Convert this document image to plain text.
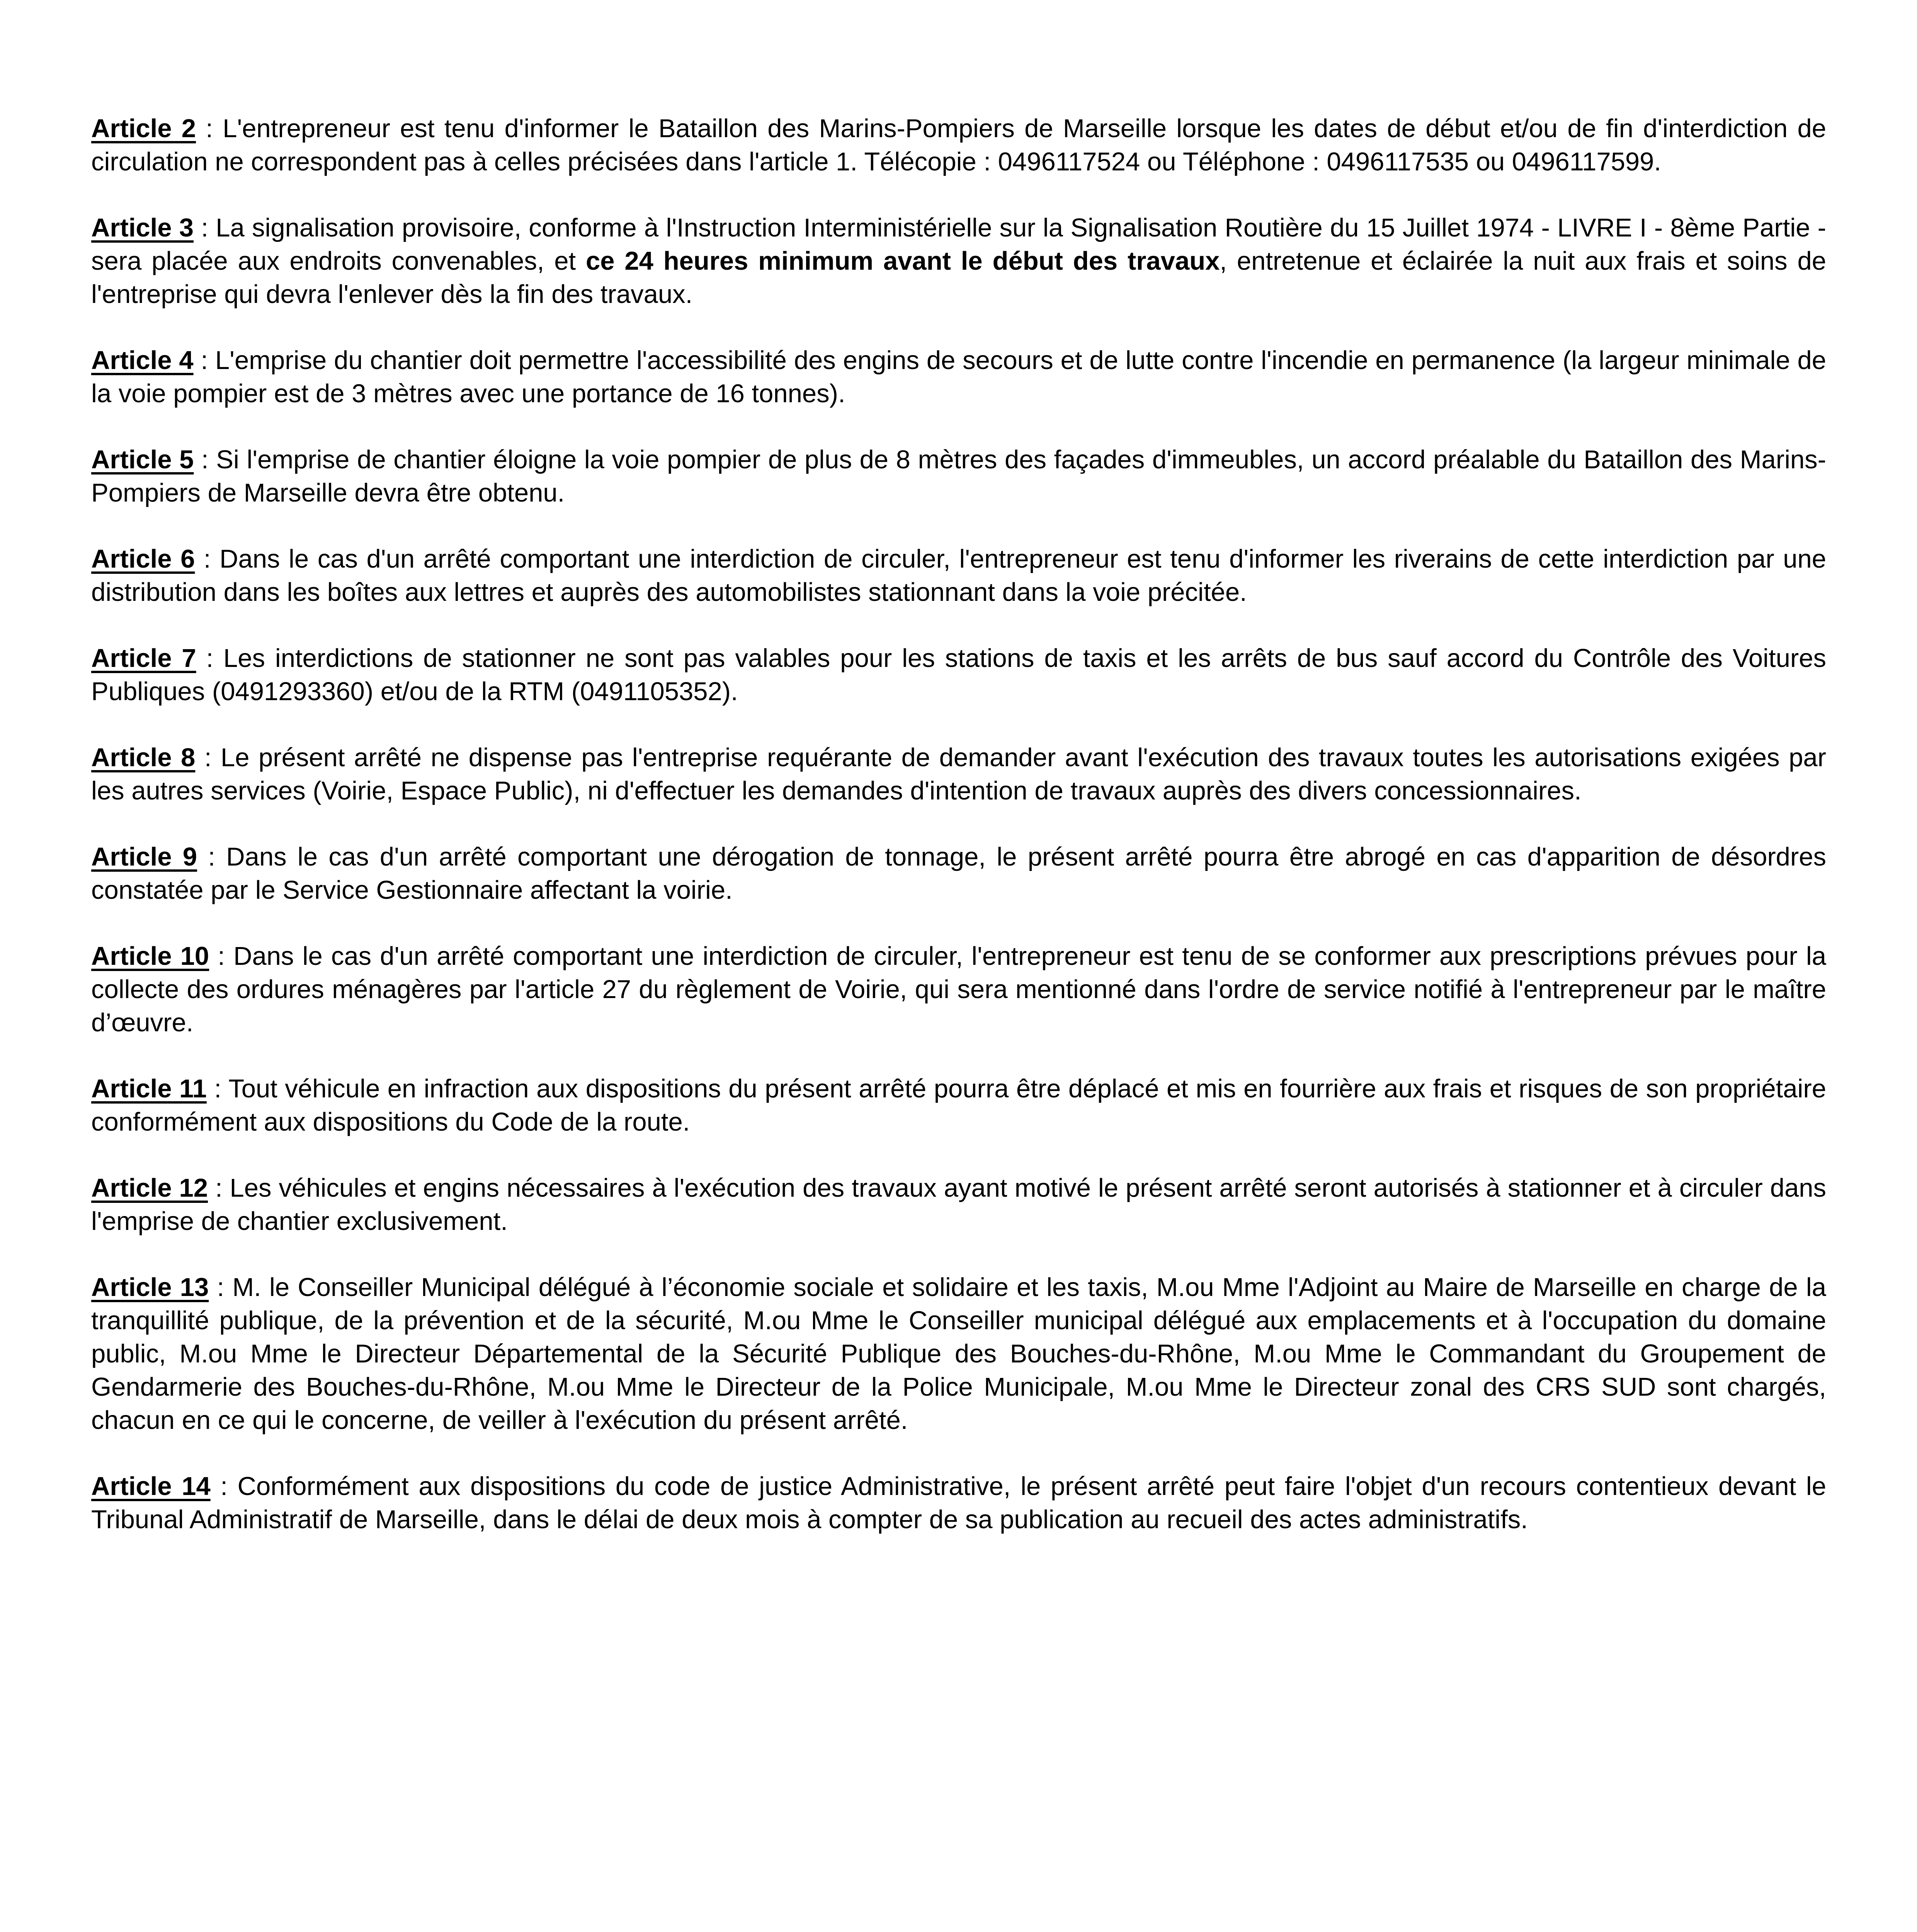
Article 2 : L'entrepreneur est tenu d'informer le Bataillon des Marins-Pompiers de Marseille lorsque les dates de début et/ou de fin d'interdiction de circulation ne correspondent pas à celles précisées dans l'article 1. Télécopie : 0496117524 ou Téléphone : 0496117535 ou 0496117599.

Article 3 : La signalisation provisoire, conforme à l'Instruction Interministérielle sur la Signalisation Routière du 15 Juillet 1974 - LIVRE I - 8ème Partie - sera placée aux endroits convenables, et ce 24 heures minimum avant le début des travaux, entretenue et éclairée la nuit aux frais et soins de l'entreprise qui devra l'enlever dès la fin des travaux.

Article 4 : L'emprise du chantier doit permettre l'accessibilité des engins de secours et de lutte contre l'incendie en permanence (la largeur minimale de la voie pompier est de 3 mètres avec une portance de 16 tonnes).

Article 5 : Si l'emprise de chantier éloigne la voie pompier de plus de 8 mètres des façades d'immeubles, un accord préalable du Bataillon des Marins-Pompiers de Marseille devra être obtenu.

Article 6 : Dans le cas d'un arrêté comportant une interdiction de circuler, l'entrepreneur est tenu d'informer les riverains de cette interdiction par une distribution dans les boîtes aux lettres et auprès des automobilistes stationnant dans la voie précitée.

Article 7 : Les interdictions de stationner ne sont pas valables pour les stations de taxis et les arrêts de bus sauf accord du Contrôle des Voitures Publiques (0491293360) et/ou de la RTM (0491105352).

Article 8 : Le présent arrêté ne dispense pas l'entreprise requérante de demander avant l'exécution des travaux toutes les autorisations exigées par les autres services (Voirie, Espace Public), ni d'effectuer les demandes d'intention de travaux auprès des divers concessionnaires.

Article 9 : Dans le cas d'un arrêté comportant une dérogation de tonnage, le présent arrêté pourra être abrogé en cas d'apparition de désordres constatée par le Service Gestionnaire affectant la voirie.

Article 10 : Dans le cas d'un arrêté comportant une interdiction de circuler, l'entrepreneur est tenu de se conformer aux prescriptions prévues pour la collecte des ordures ménagères par l'article 27 du règlement de Voirie, qui sera mentionné dans l'ordre de service notifié à l'entrepreneur par le maître d’œuvre.

Article 11 : Tout véhicule en infraction aux dispositions du présent arrêté pourra être déplacé et mis en fourrière aux frais et risques de son propriétaire conformément aux dispositions du Code de la route.

Article 12 : Les véhicules et engins nécessaires à l'exécution des travaux ayant motivé le présent arrêté seront autorisés à stationner et à circuler dans l'emprise de chantier exclusivement.

Article 13 : M. le Conseiller Municipal délégué à l’économie sociale et solidaire et les taxis, M.ou Mme l'Adjoint au Maire de Marseille en charge de la tranquillité publique, de la prévention et de la sécurité, M.ou Mme le Conseiller municipal délégué aux emplacements et à l'occupation du domaine public, M.ou Mme le Directeur Départemental de la Sécurité Publique des Bouches-du-Rhône, M.ou Mme le Commandant du Groupement de Gendarmerie des Bouches-du-Rhône, M.ou Mme le Directeur de la Police Municipale, M.ou Mme le Directeur zonal des CRS SUD sont chargés, chacun en ce qui le concerne, de veiller à l'exécution du présent arrêté.

Article 14 : Conformément aux dispositions du code de justice Administrative, le présent arrêté peut faire l'objet d'un recours contentieux devant le Tribunal Administratif de Marseille, dans le délai de deux mois à compter de sa publication au recueil des actes administratifs.
